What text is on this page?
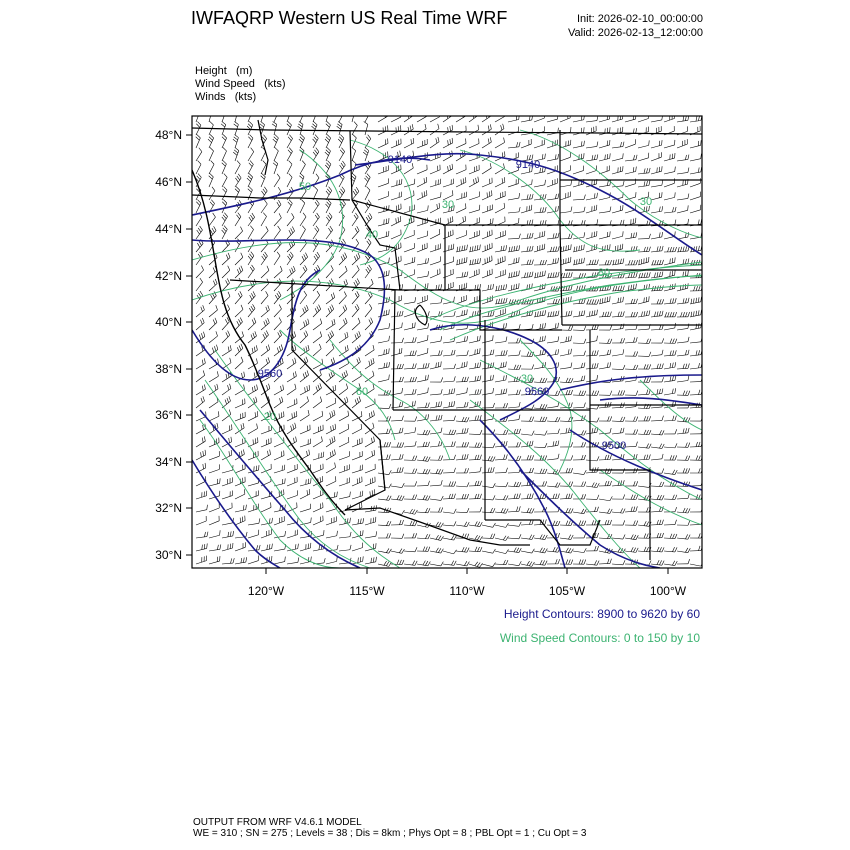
IWFAQRP Western US Real Time WRF	Init: 2026-02-10_00:00:00
Valid: 2026-02-13_12:00:00
Height   (m)
Wind Speed   (kts)
Winds   (kts)
48°N
46°N
44°N
42°N
40°N
38°N
36°N
34°N
32°N
30°N
120°W	115°W	110°W	105°W	100°W
9140	9140
9560
9560
9500
50
40
30
80
30
20
60
30
Height Contours: 8900 to 9620 by 60
Wind Speed Contours: 0 to 150 by 10
OUTPUT FROM WRF V4.6.1 MODEL
WE = 310 ; SN = 275 ; Levels = 38 ; Dis = 8km ; Phys Opt = 8 ; PBL Opt = 1 ; Cu Opt = 3
